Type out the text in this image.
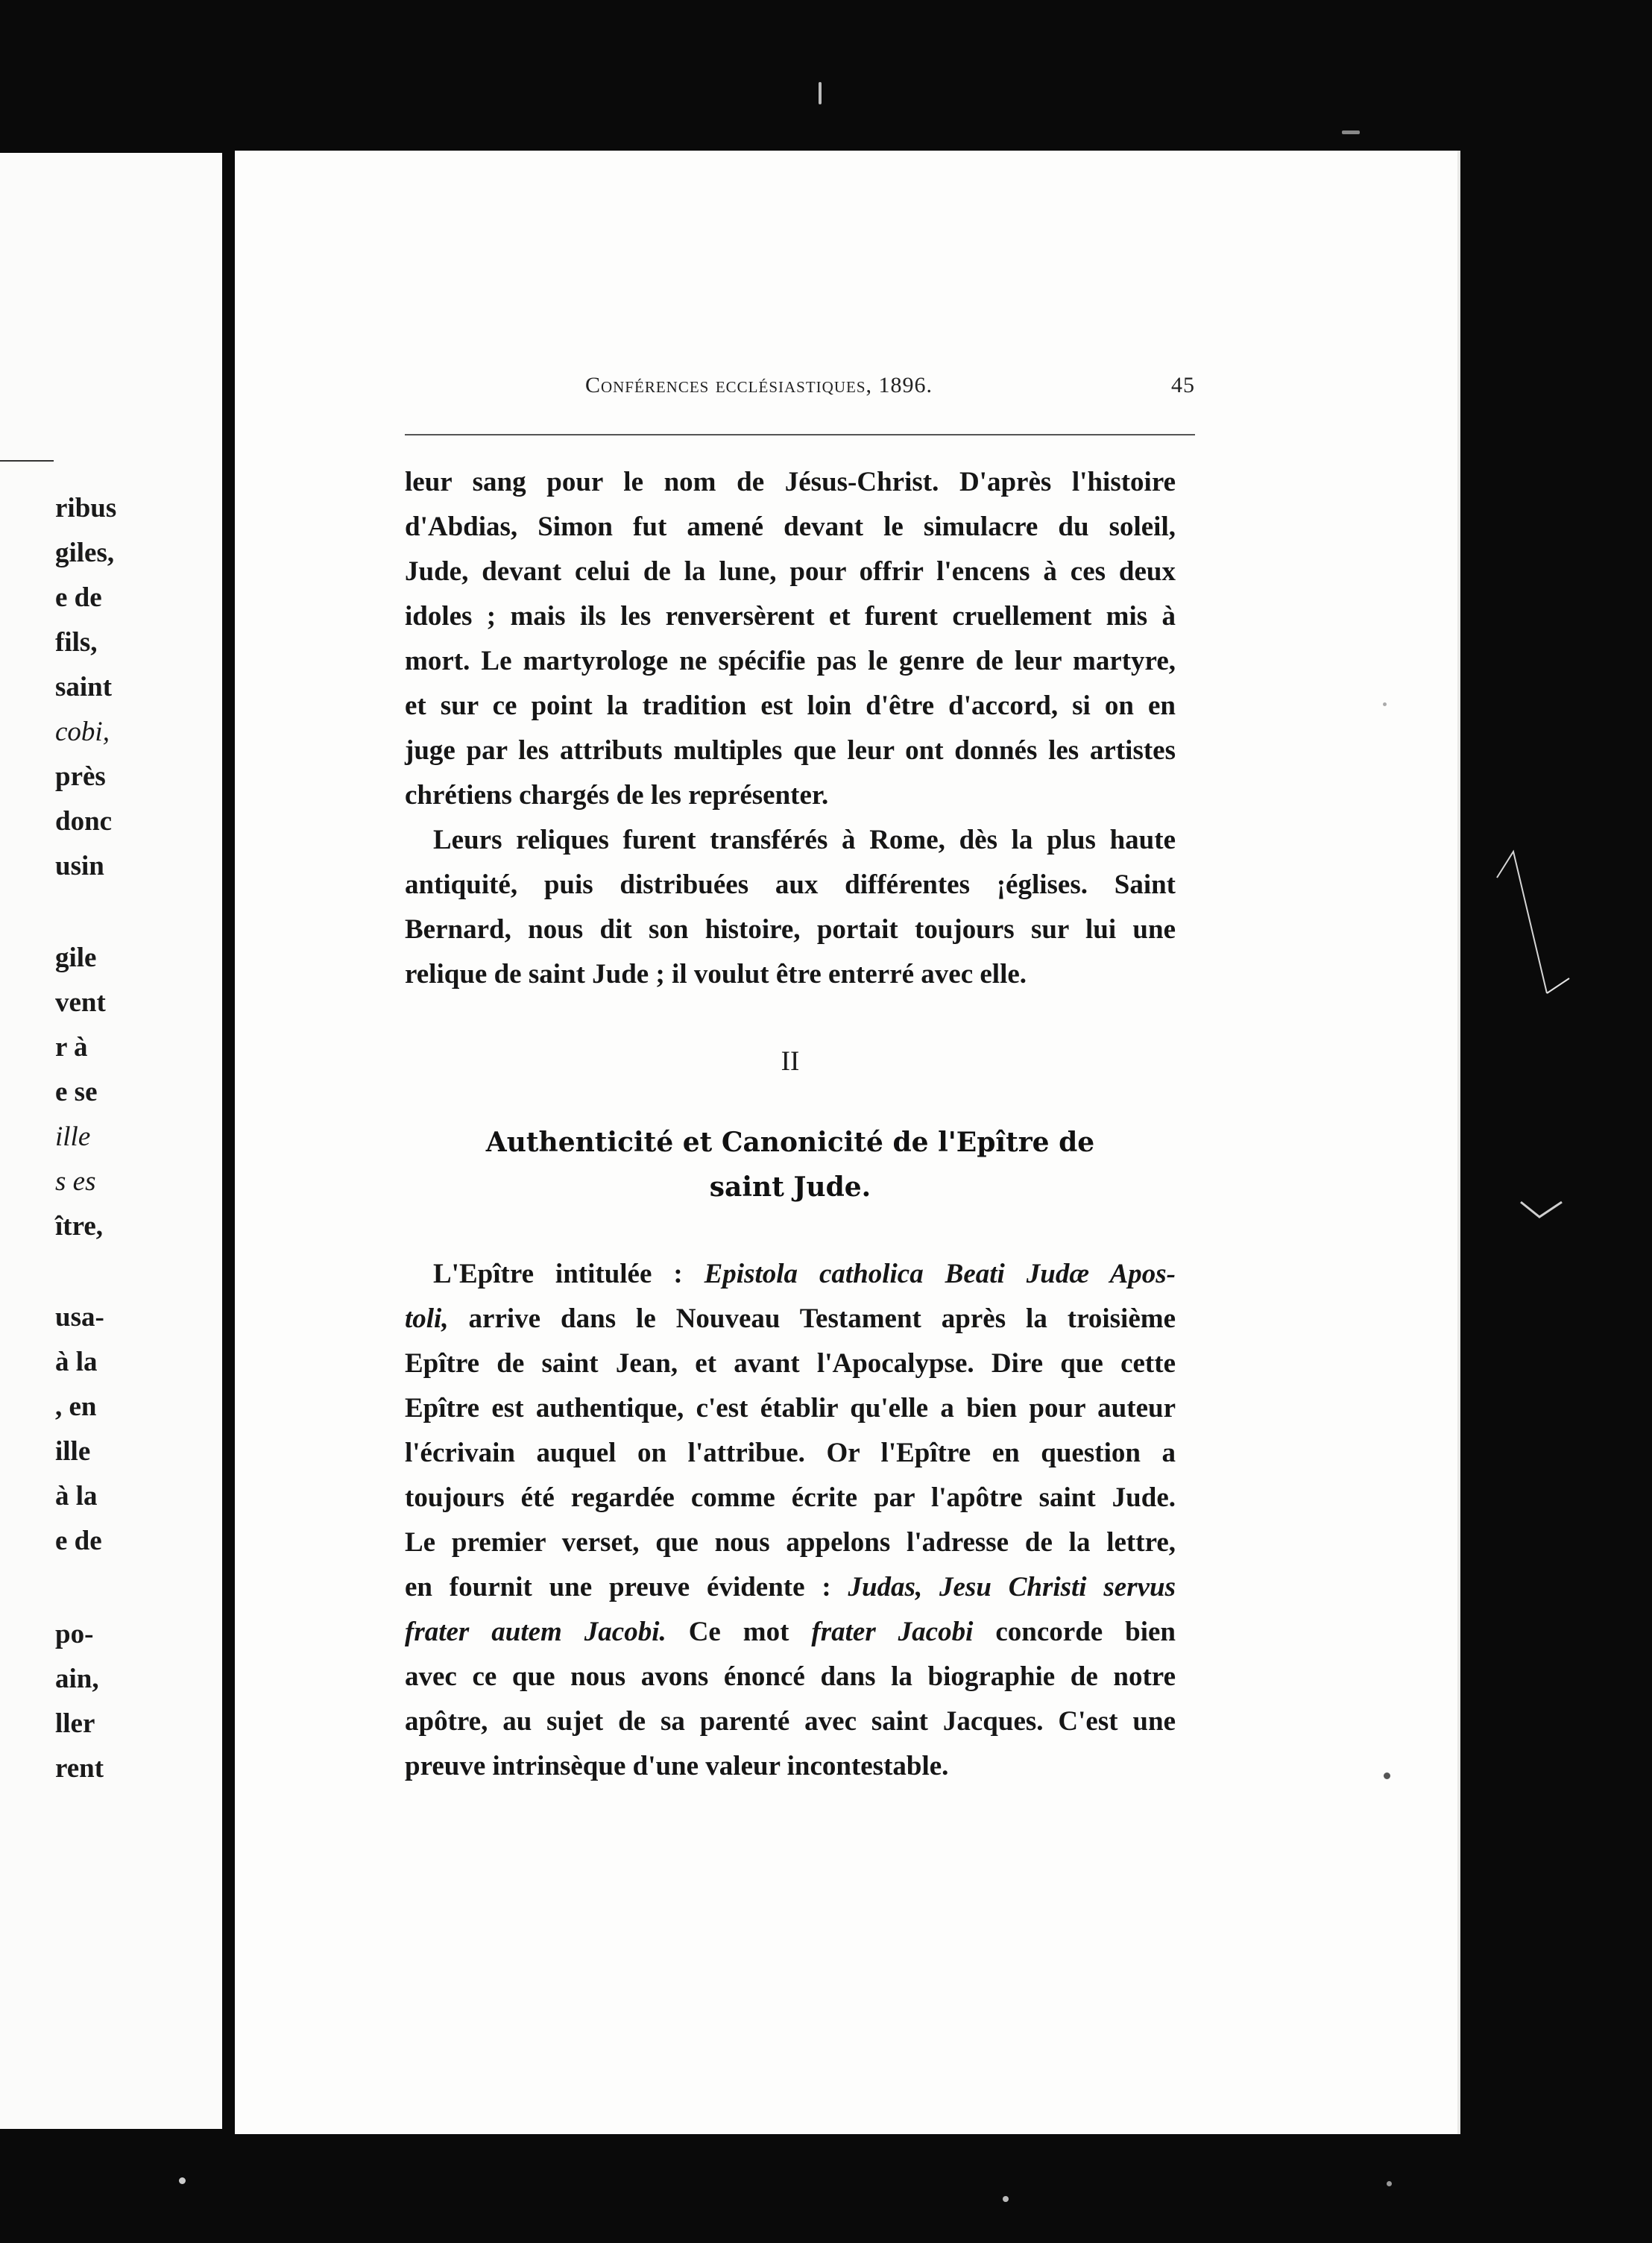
ribus
giles,
e de
fils,
saint
cobi,
près
donc
usin
gile
vent
r à
e se
ille
s es
ître,
usa-
à la
, en
ille
à la
e de
po-
ain,
ller
rent
Conférences ecclésiastiques, 1896.	45
leur sang pour le nom de Jésus-Christ. D'après l'histoire
d'Abdias, Simon fut amené devant le simulacre du soleil,
Jude, devant celui de la lune, pour offrir l'encens à ces deux
idoles ; mais ils les renversèrent et furent cruellement mis à
mort. Le martyrologe ne spécifie pas le genre de leur martyre,
et sur ce point la tradition est loin d'être d'accord, si on en
juge par les attributs multiples que leur ont donnés les artistes
chrétiens chargés de les représenter.
Leurs reliques furent transférés à Rome, dès la plus haute
antiquité, puis distribuées aux différentes ¡églises. Saint
Bernard, nous dit son histoire, portait toujours sur lui une
relique de saint Jude ; il voulut être enterré avec elle.
II
Authenticité et Canonicité de l'Epître de
saint Jude.
L'Epître intitulée : Epistola catholica Beati Judæ Apos-
toli, arrive dans le Nouveau Testament après la troisième
Epître de saint Jean, et avant l'Apocalypse. Dire que cette
Epître est authentique, c'est établir qu'elle a bien pour auteur
l'écrivain auquel on l'attribue. Or l'Epître en question a
toujours été regardée comme écrite par l'apôtre saint Jude.
Le premier verset, que nous appelons l'adresse de la lettre,
en fournit une preuve évidente : Judas, Jesu Christi servus
frater autem Jacobi. Ce mot frater Jacobi concorde bien
avec ce que nous avons énoncé dans la biographie de notre
apôtre, au sujet de sa parenté avec saint Jacques. C'est une
preuve intrinsèque d'une valeur incontestable.
